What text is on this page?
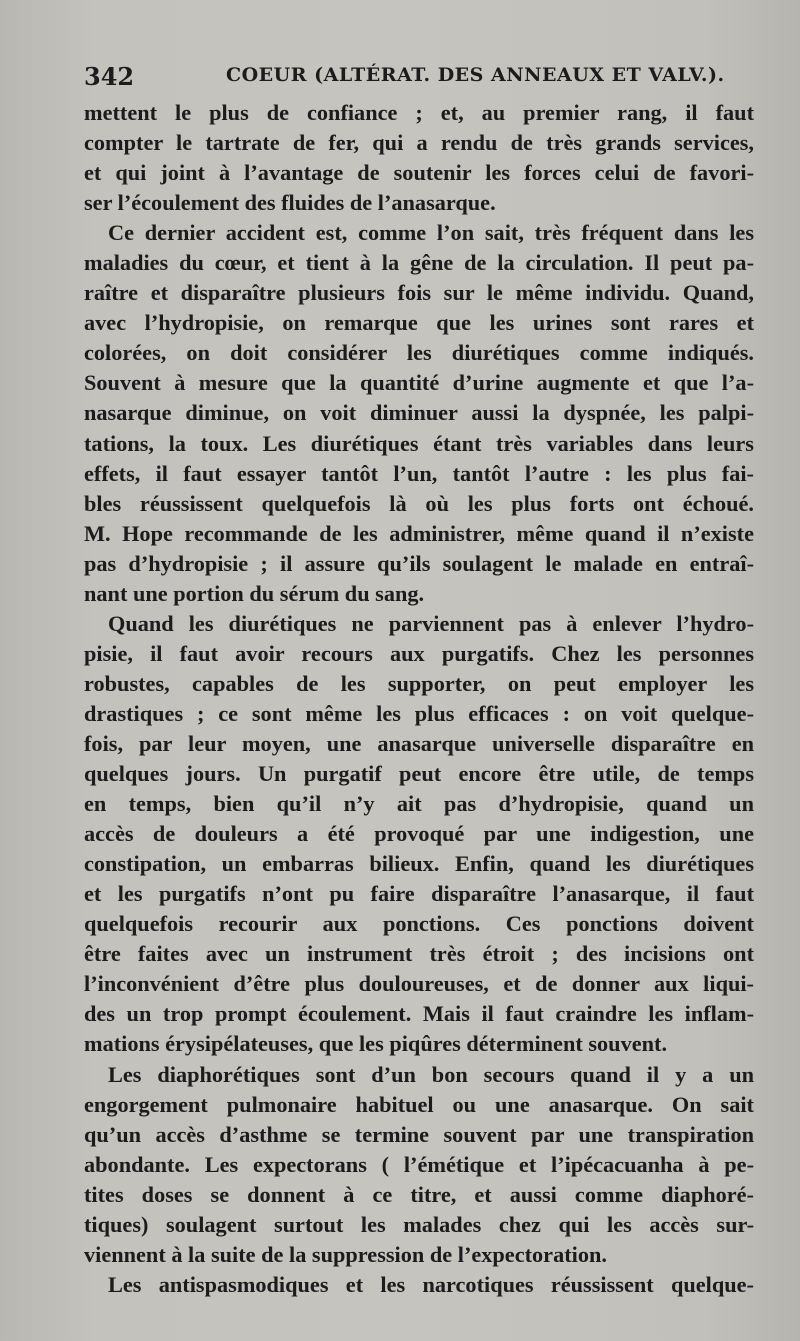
342	COEUR (ALTÉRAT. DES ANNEAUX ET VALV.).

mettent le plus de confiance ; et, au premier rang, il faut
compter le tartrate de fer, qui a rendu de très grands services,
et qui joint à l’avantage de soutenir les forces celui de favori-
ser l’écoulement des fluides de l’anasarque.

Ce dernier accident est, comme l’on sait, très fréquent dans les
maladies du cœur, et tient à la gêne de la circulation. Il peut pa-
raître et disparaître plusieurs fois sur le même individu. Quand,
avec l’hydropisie, on remarque que les urines sont rares et
colorées, on doit considérer les diurétiques comme indiqués.
Souvent à mesure que la quantité d’urine augmente et que l’a-
nasarque diminue, on voit diminuer aussi la dyspnée, les palpi-
tations, la toux. Les diurétiques étant très variables dans leurs
effets, il faut essayer tantôt l’un, tantôt l’autre : les plus fai-
bles réussissent quelquefois là où les plus forts ont échoué.
M. Hope recommande de les administrer, même quand il n’existe
pas d’hydropisie ; il assure qu’ils soulagent le malade en entraî-
nant une portion du sérum du sang.

Quand les diurétiques ne parviennent pas à enlever l’hydro-
pisie, il faut avoir recours aux purgatifs. Chez les personnes
robustes, capables de les supporter, on peut employer les
drastiques ; ce sont même les plus efficaces : on voit quelque-
fois, par leur moyen, une anasarque universelle disparaître en
quelques jours. Un purgatif peut encore être utile, de temps
en temps, bien qu’il n’y ait pas d’hydropisie, quand un
accès de douleurs a été provoqué par une indigestion, une
constipation, un embarras bilieux. Enfin, quand les diurétiques
et les purgatifs n’ont pu faire disparaître l’anasarque, il faut
quelquefois recourir aux ponctions. Ces ponctions doivent
être faites avec un instrument très étroit ; des incisions ont
l’inconvénient d’être plus douloureuses, et de donner aux liqui-
des un trop prompt écoulement. Mais il faut craindre les inflam-
mations érysipélateuses, que les piqûres déterminent souvent.

Les diaphorétiques sont d’un bon secours quand il y a un
engorgement pulmonaire habituel ou une anasarque. On sait
qu’un accès d’asthme se termine souvent par une transpiration
abondante. Les expectorans ( l’émétique et l’ipécacuanha à pe-
tites doses se donnent à ce titre, et aussi comme diaphoré-
tiques) soulagent surtout les malades chez qui les accès sur-
viennent à la suite de la suppression de l’expectoration.

Les antispasmodiques et les narcotiques réussissent quelque-
